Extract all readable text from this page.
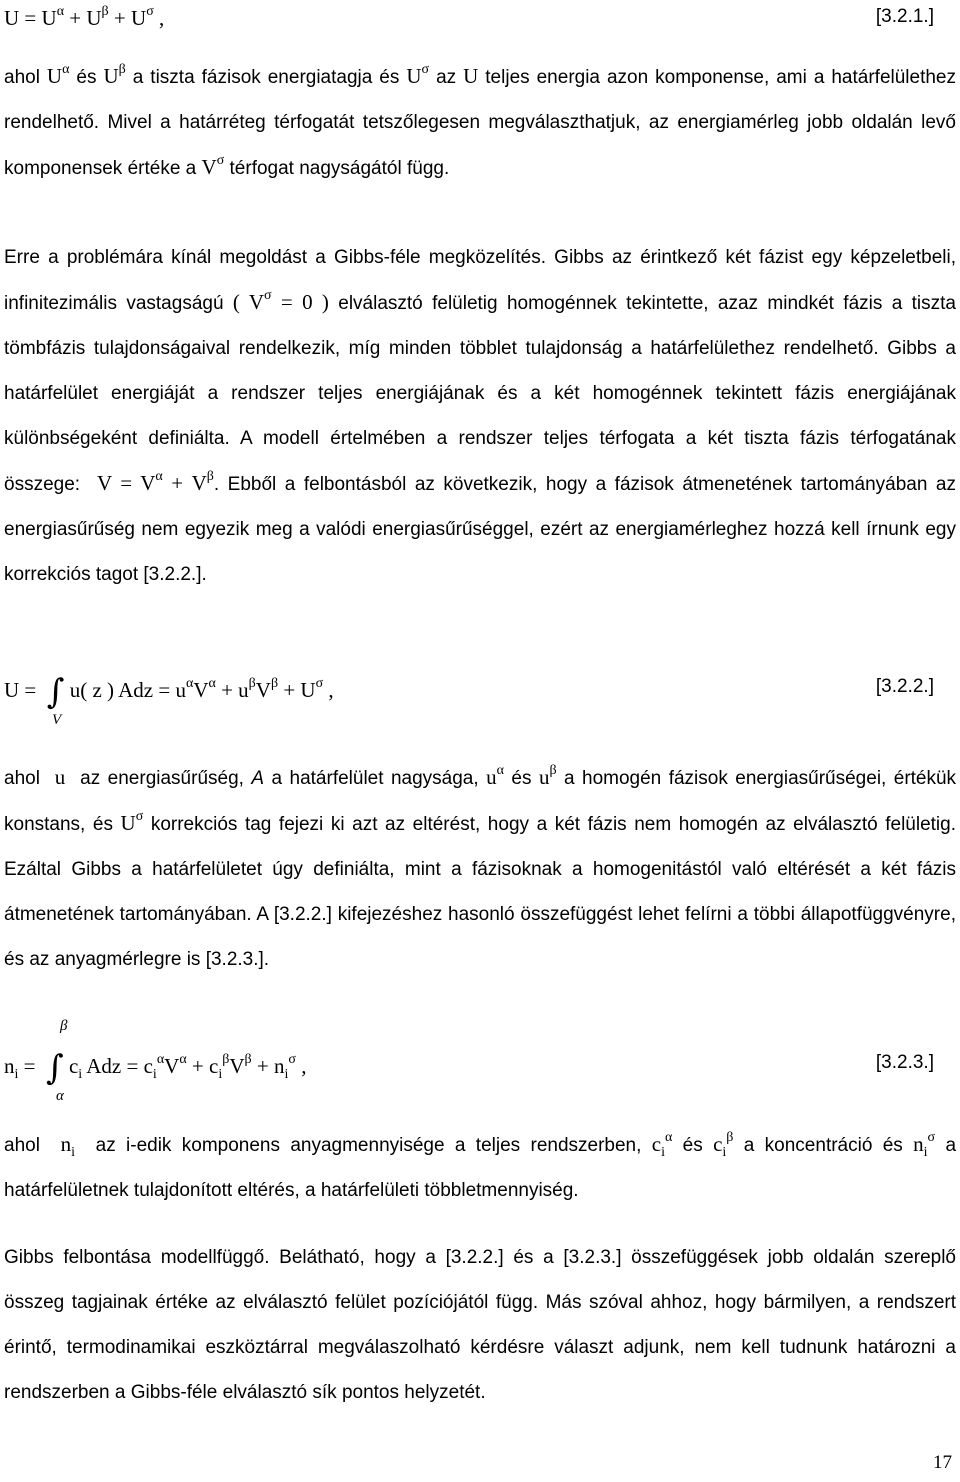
$U = U^\alpha + U^\beta + U^\sigma$ ,	[3.2.1.]

ahol $U^\alpha$ és $U^\beta$ a tiszta fázisok energiatagja és $U^\sigma$ az U teljes energia azon komponense, ami a határfelülethez rendelhető. Mivel a határréteg térfogatát tetszőlegesen megválaszthatjuk, az energiamérleg jobb oldalán levő komponensek értéke a $V^\sigma$ térfogat nagyságától függ.

Erre a problémára kínál megoldást a Gibbs-féle megközelítés. Gibbs az érintkező két fázist egy képzeletbeli, infinitezimális vastagságú ( $V^\sigma = 0$ ) elválasztó felületig homogénnek tekintette, azaz mindkét fázis a tiszta tömbfázis tulajdonságaival rendelkezik, míg minden többlet tulajdonság a határfelülethez rendelhető. Gibbs a határfelület energiáját a rendszer teljes energiájának és a két homogénnek tekintett fázis energiájának különbségeként definiálta. A modell értelmében a rendszer teljes térfogata a két tiszta fázis térfogatának összege:  $V = V^\alpha + V^\beta$. Ebből a felbontásból az következik, hogy a fázisok átmenetének tartományában az energiasűrűség nem egyezik meg a valódi energiasűrűséggel, ezért az energiamérleghez hozzá kell írnunk egy korrekciós tagot [3.2.2.].

U =  ∫ u( z ) Adz = $u^\alpha V^\alpha + u^\beta V^\beta + U^\sigma$ ,
V
[3.2.2.]

ahol  u  az energiasűrűség, A a határfelület nagysága, $u^\alpha$ és $u^\beta$ a homogén fázisok energiasűrűségei, értékük konstans, és $U^\sigma$ korrekciós tag fejezi ki azt az eltérést, hogy a két fázis nem homogén az elválasztó felületig. Ezáltal Gibbs a határfelületet úgy definiálta, mint a fázisoknak a homogenitástól való eltérését a két fázis átmenetének tartományában. A [3.2.2.] kifejezéshez hasonló összefüggést lehet felírni a többi állapotfüggvényre, és az anyagmérlegre is [3.2.3.].

$n_i$ =  ∫ $c_i$ Adz = $c_i^\alpha V^\alpha + c_i^\beta V^\beta + n_i^\sigma$ ,
β
α
[3.2.3.]

ahol  $n_i$ az i-edik komponens anyagmennyisége a teljes rendszerben, $c_i^\alpha$ és $c_i^\beta$ a koncentráció és $n_i^\sigma$ a határfelületnek tulajdonított eltérés, a határfelületi többletmennyiség.

Gibbs felbontása modellfüggő. Belátható, hogy a [3.2.2.] és a [3.2.3.] összefüggések jobb oldalán szereplő összeg tagjainak értéke az elválasztó felület pozíciójától függ. Más szóval ahhoz, hogy bármilyen, a rendszert érintő, termodinamikai eszköztárral megválaszolható kérdésre választ adjunk, nem kell tudnunk határozni a rendszerben a Gibbs-féle elválasztó sík pontos helyzetét.

17
